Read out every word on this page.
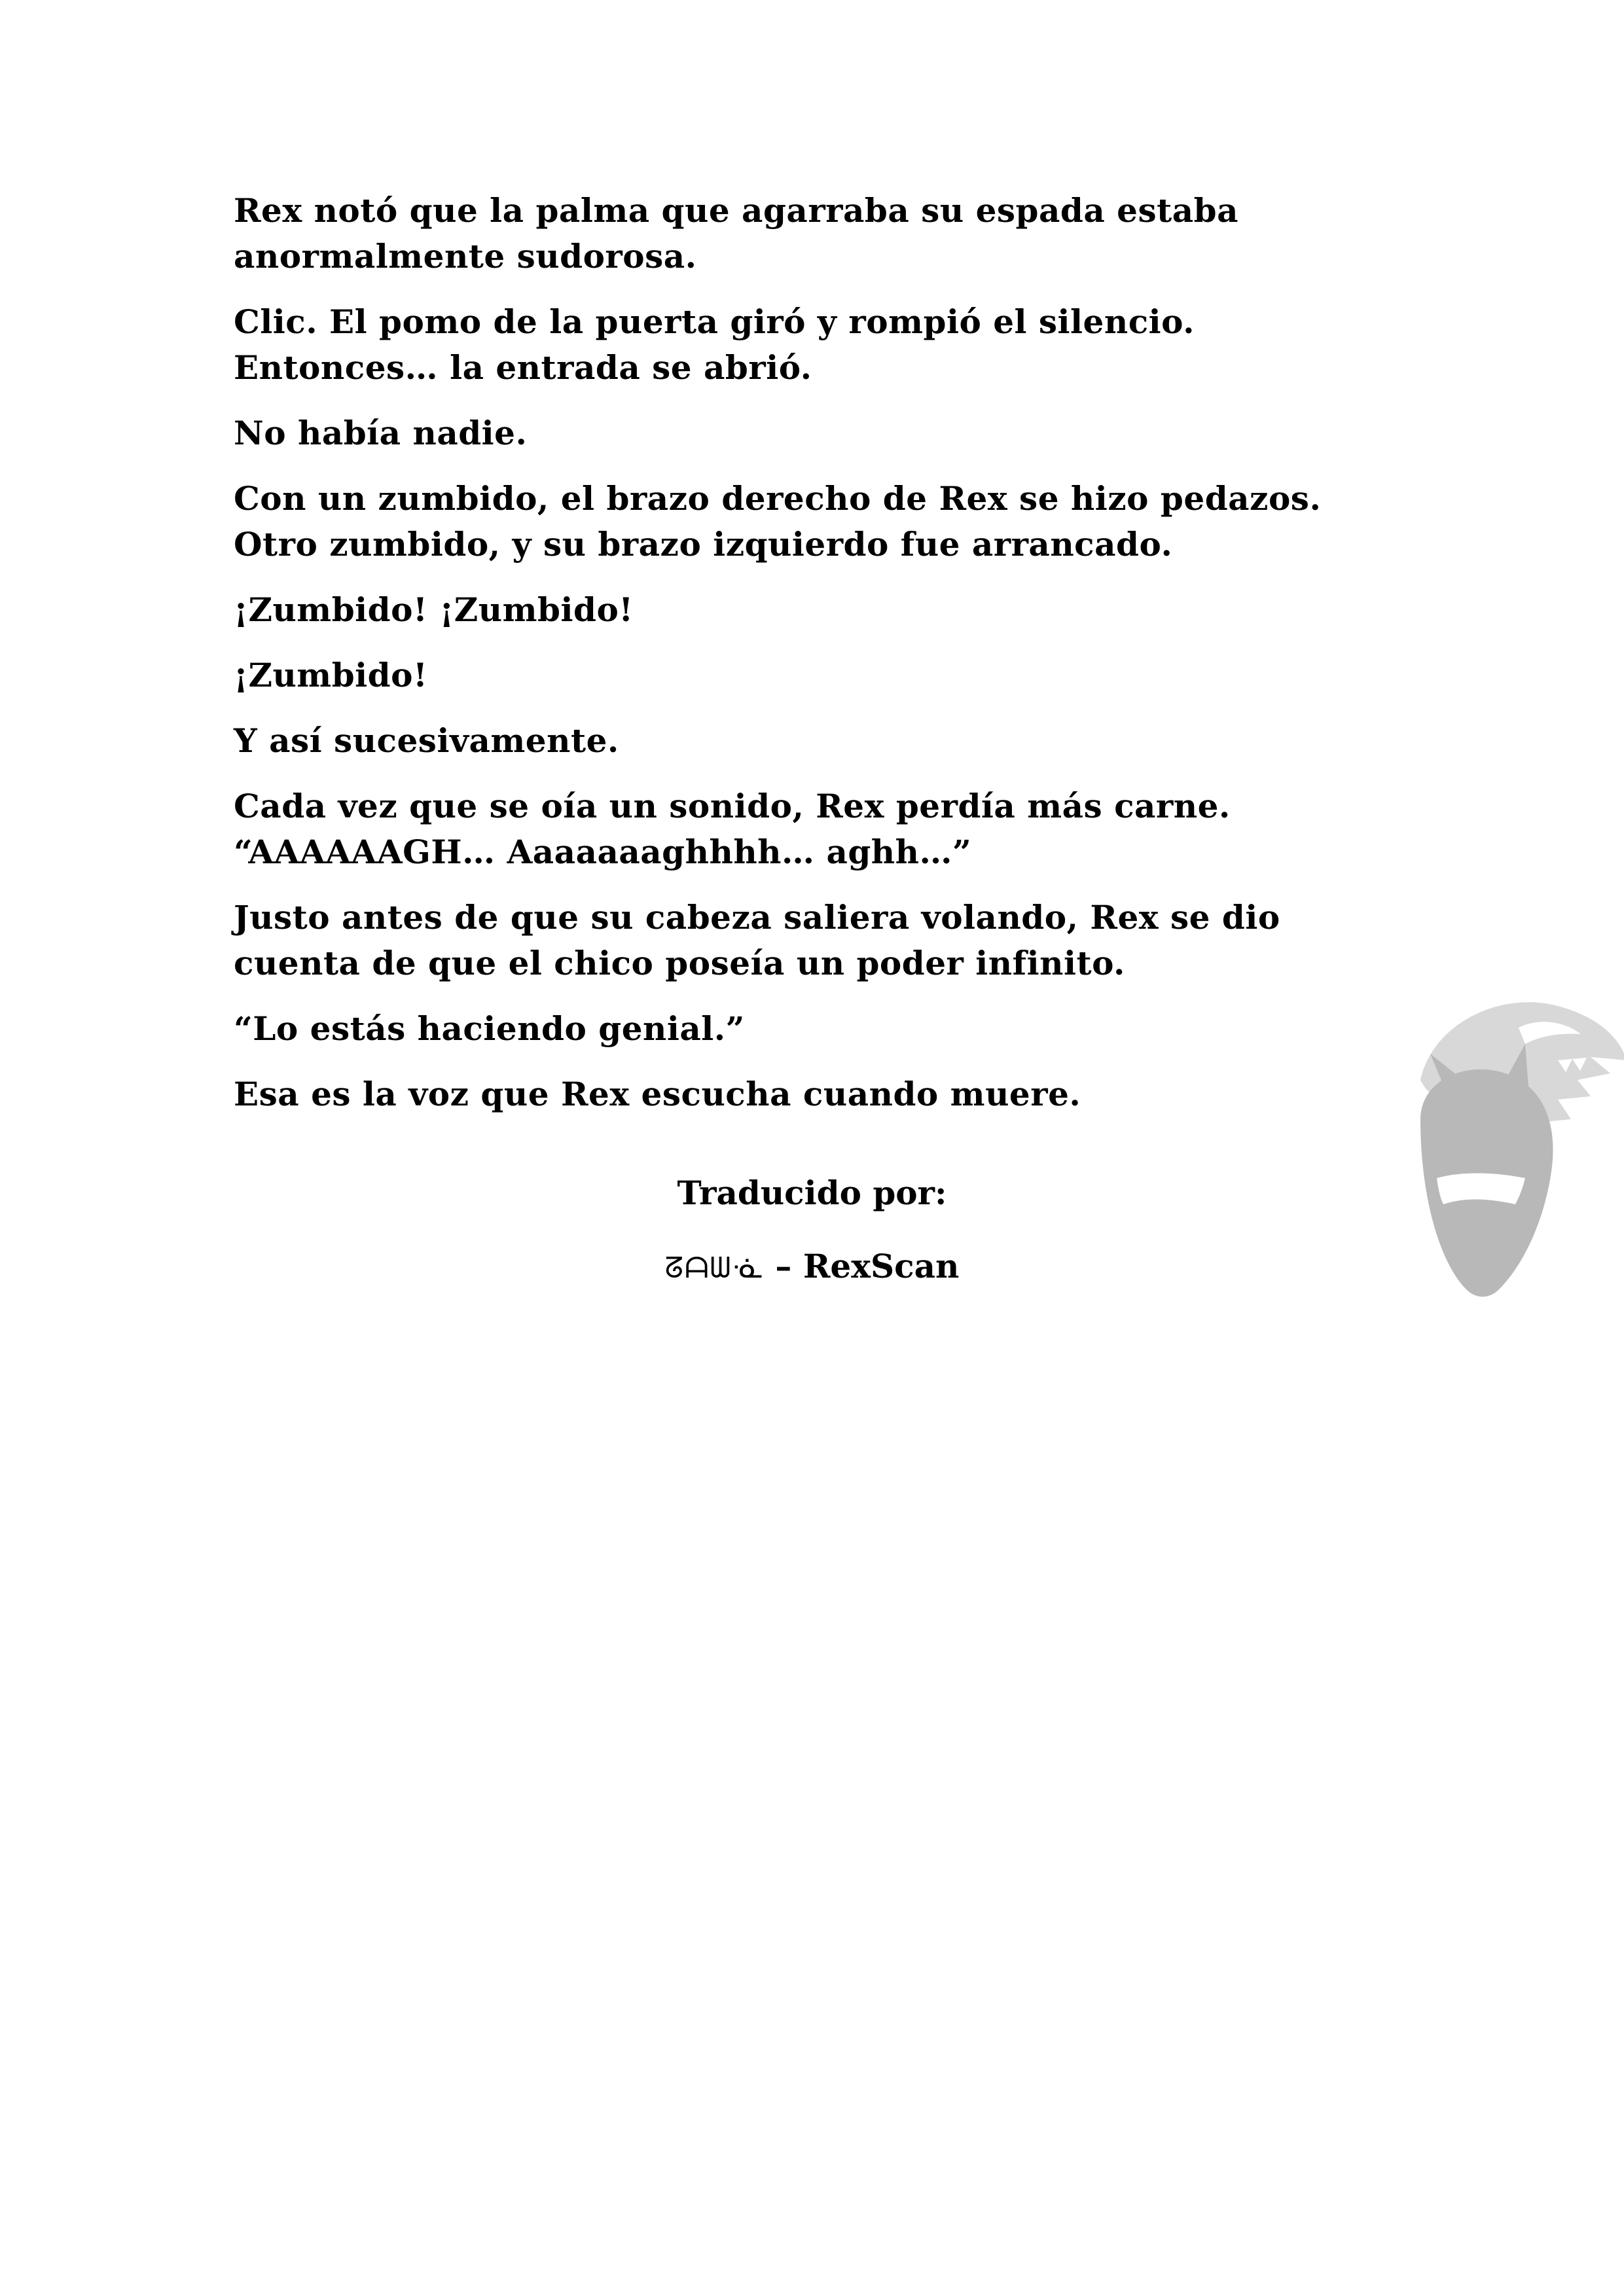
Rex notó que la palma que agarraba su espada estaba
anormalmente sudorosa.

Clic. El pomo de la puerta giró y rompió el silencio.
Entonces… la entrada se abrió.

No había nadie.

Con un zumbido, el brazo derecho de Rex se hizo pedazos.
Otro zumbido, y su brazo izquierdo fue arrancado.

¡Zumbido! ¡Zumbido!

¡Zumbido!

Y así sucesivamente.

Cada vez que se oía un sonido, Rex perdía más carne.
“AAAAAAGH… Aaaaaaaghhhh… aghh…”

Justo antes de que su cabeza saliera volando, Rex se dio
cuenta de que el chico poseía un poder infinito.

“Lo estás haciendo genial.”

Esa es la voz que Rex escucha cuando muere.

Traducido por:
ᘔᗩᗯᓍ – RexScan
